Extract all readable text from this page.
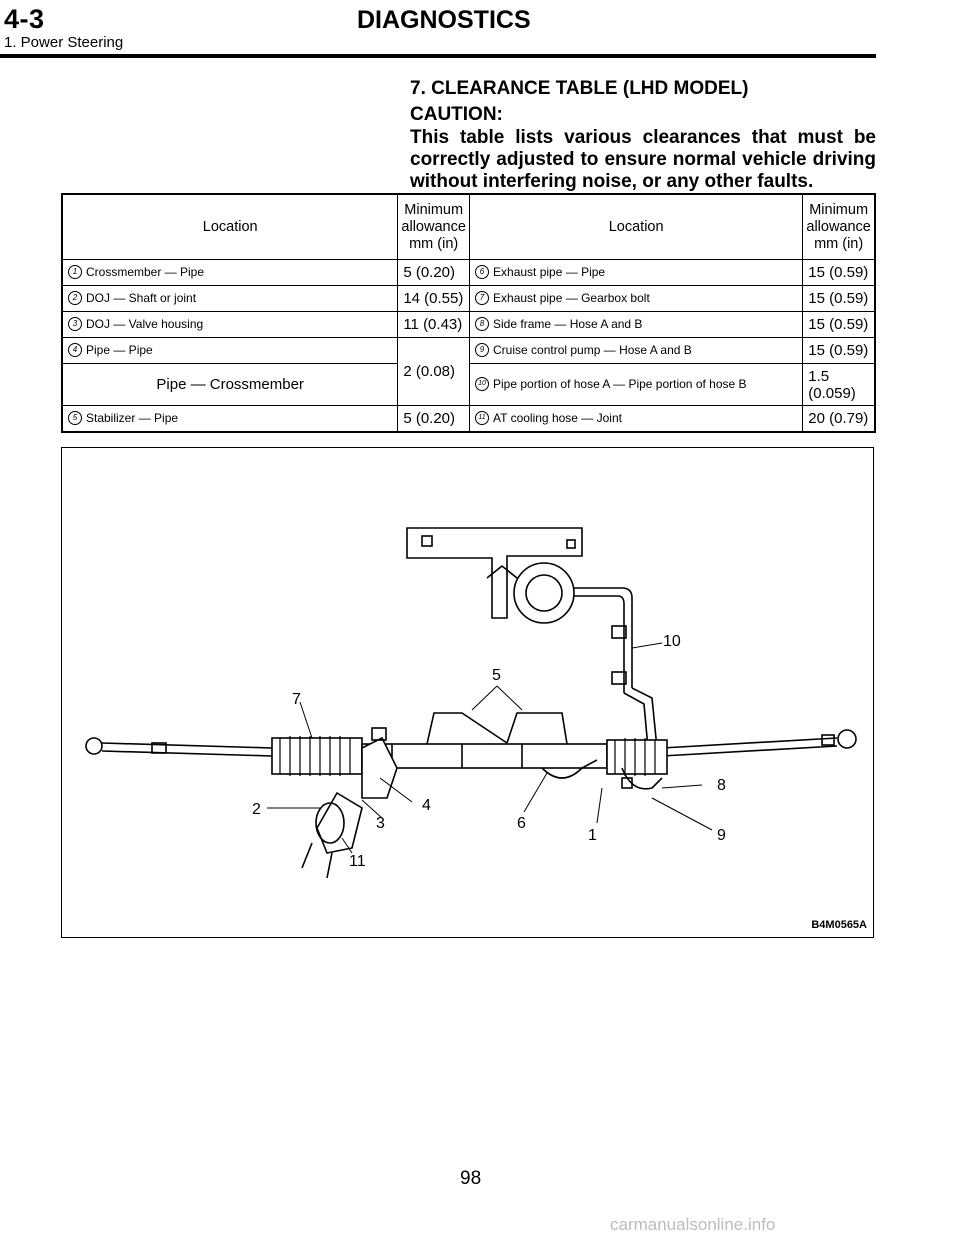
4-3	DIAGNOSTICS
1. Power Steering
7. CLEARANCE TABLE (LHD MODEL)
CAUTION:
This table lists various clearances that must be correctly adjusted to ensure normal vehicle driving without interfering noise, or any other faults.
Location	Minimum allowance mm (in)	Location	Minimum allowance mm (in)
1 Crossmember — Pipe	5 (0.20)	6 Exhaust pipe — Pipe	15 (0.59)
2 DOJ — Shaft or joint	14 (0.55)	7 Exhaust pipe — Gearbox bolt	15 (0.59)
3 DOJ — Valve housing	11 (0.43)	8 Side frame — Hose A and B	15 (0.59)
4 Pipe — Pipe	2 (0.08)	9 Cruise control pump — Hose A and B	15 (0.59)
Pipe — Crossmember		10 Pipe portion of hose A — Pipe portion of hose B	1.5 (0.059)
5 Stabilizer — Pipe	5 (0.20)	11 AT cooling hose — Joint	20 (0.79)
1
2
3
4
5
6
7
8
9
10
11
B4M0565A
98
carmanualsonline.info
